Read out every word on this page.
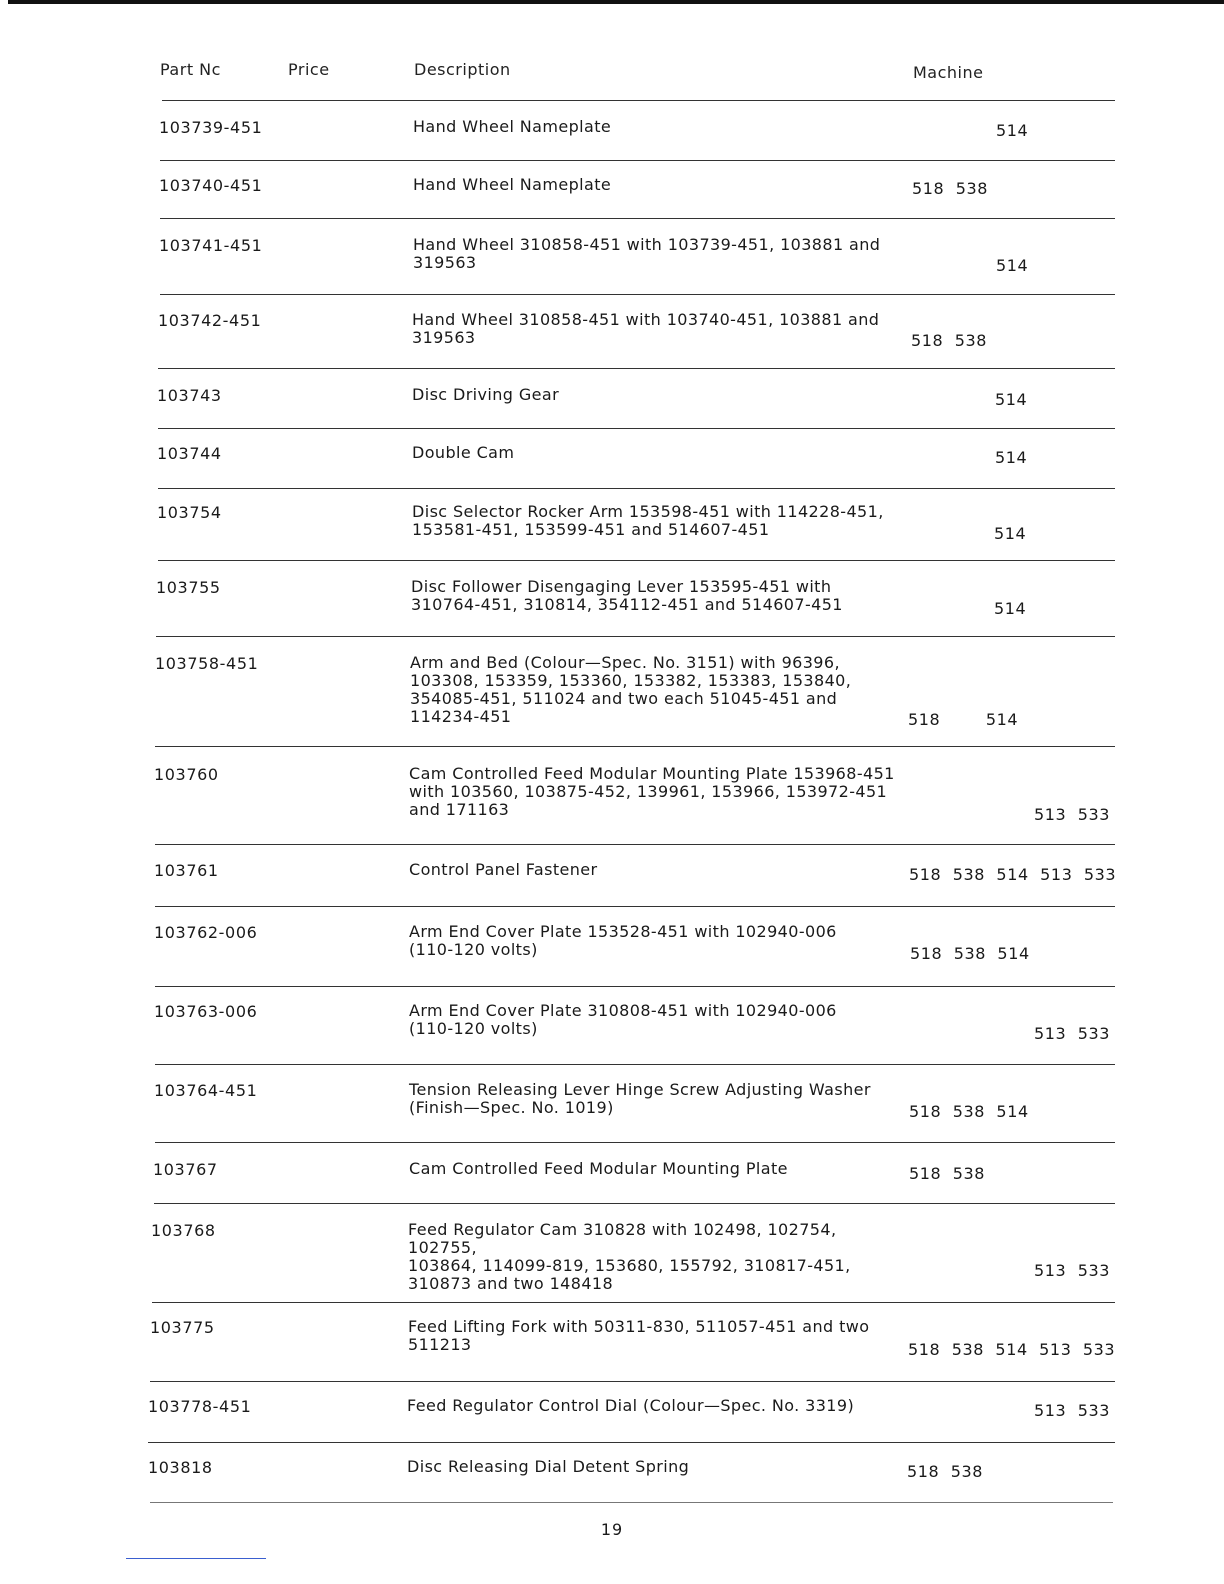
Part Nc	Price	Description	Machine
103739-451	Hand Wheel Nameplate	514
103740-451	Hand Wheel Nameplate	518  538
103741-451	Hand Wheel 310858-451 with 103739-451, 103881 and
319563	514
103742-451	Hand Wheel 310858-451 with 103740-451, 103881 and
319563	518  538
103743	Disc Driving Gear	514
103744	Double Cam	514
103754	Disc Selector Rocker Arm 153598-451 with 114228-451,
153581-451, 153599-451 and 514607-451	514
103755	Disc Follower Disengaging Lever 153595-451 with
310764-451, 310814, 354112-451 and 514607-451	514
103758-451	Arm and Bed (Colour—Spec. No. 3151) with 96396,
103308, 153359, 153360, 153382, 153383, 153840,
354085-451, 511024 and two each 51045-451 and
114234-451	518        514
103760	Cam Controlled Feed Modular Mounting Plate 153968-451
with 103560, 103875-452, 139961, 153966, 153972-451
and 171163	513  533
103761	Control Panel Fastener	518  538  514  513  533
103762-006	Arm End Cover Plate 153528-451 with 102940-006
(110-120 volts)	518  538  514
103763-006	Arm End Cover Plate 310808-451 with 102940-006
(110-120 volts)	513  533
103764-451	Tension Releasing Lever Hinge Screw Adjusting Washer
(Finish—Spec. No. 1019)	518  538  514
103767	Cam Controlled Feed Modular Mounting Plate	518  538
103768	Feed Regulator Cam 310828 with 102498, 102754, 102755,
103864, 114099-819, 153680, 155792, 310817-451,
310873 and two 148418
513  533
103775	Feed Lifting Fork with 50311-830, 511057-451 and two
511213	518  538  514  513  533
103778-451	Feed Regulator Control Dial (Colour—Spec. No. 3319)	513  533
103818	Disc Releasing Dial Detent Spring	518  538
19
